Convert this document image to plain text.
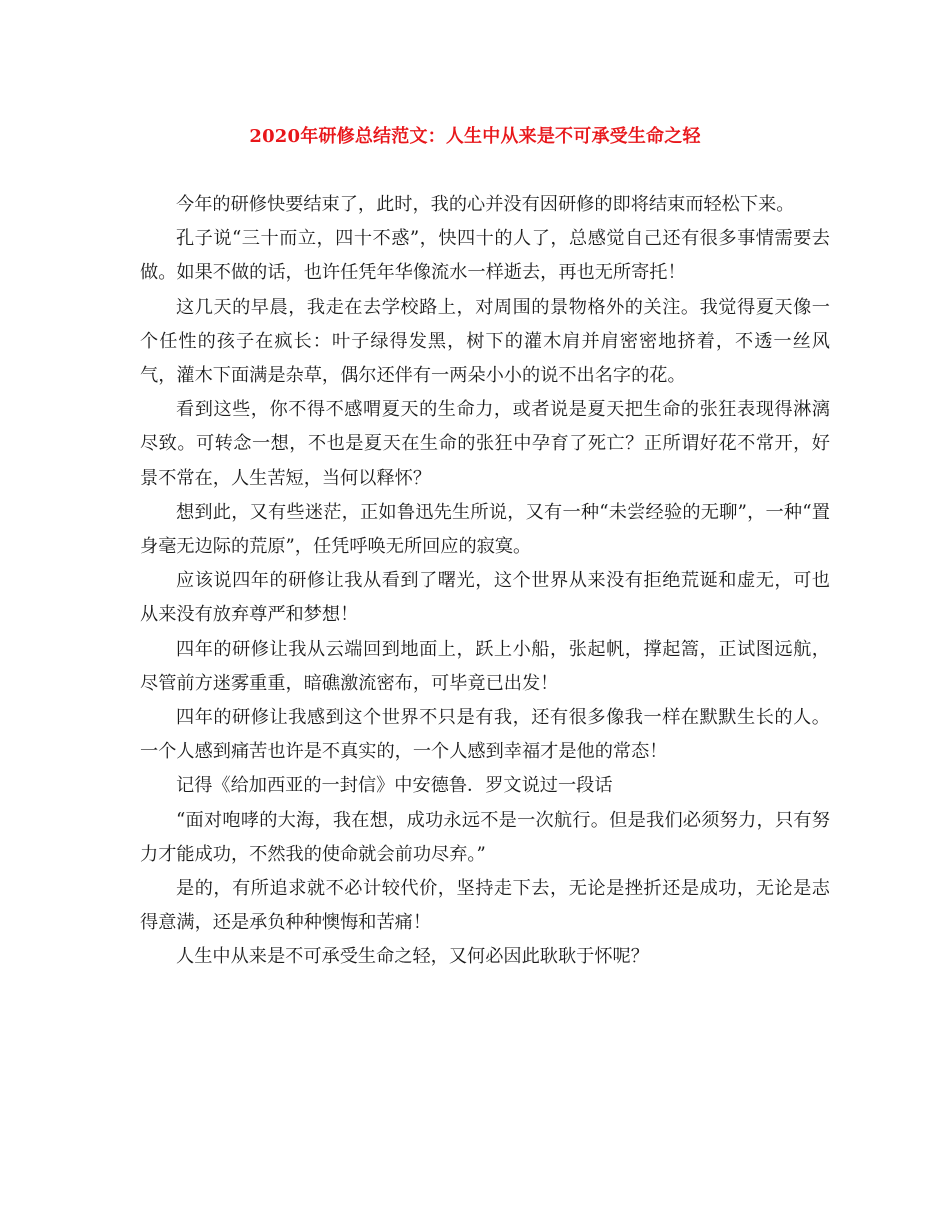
2020年研修总结范文：人生中从来是不可承受生命之轻

今年的研修快要结束了，此时，我的心并没有因研修的即将结束而轻松下来。

孔子说“三十而立，四十不惑”，快四十的人了，总感觉自己还有很多事情需要去做。如果不做的话，也许任凭年华像流水一样逝去，再也无所寄托！

这几天的早晨，我走在去学校路上，对周围的景物格外的关注。我觉得夏天像一个任性的孩子在疯长：叶子绿得发黑，树下的灌木肩并肩密密地挤着，不透一丝风气，灌木下面满是杂草，偶尔还伴有一两朵小小的说不出名字的花。

看到这些，你不得不感喟夏天的生命力，或者说是夏天把生命的张狂表现得淋漓尽致。可转念一想，不也是夏天在生命的张狂中孕育了死亡？正所谓好花不常开，好景不常在，人生苦短，当何以释怀？

想到此，又有些迷茫，正如鲁迅先生所说，又有一种“未尝经验的无聊”，一种“置身毫无边际的荒原”，任凭呼唤无所回应的寂寞。

应该说四年的研修让我从看到了曙光，这个世界从来没有拒绝荒诞和虚无，可也从来没有放弃尊严和梦想！

四年的研修让我从云端回到地面上，跃上小船，张起帆，撑起篙，正试图远航，尽管前方迷雾重重，暗礁激流密布，可毕竟已出发！

四年的研修让我感到这个世界不只是有我，还有很多像我一样在默默生长的人。一个人感到痛苦也许是不真实的，一个人感到幸福才是他的常态！

记得《给加西亚的一封信》中安德鲁．罗文说过一段话

“面对咆哮的大海，我在想，成功永远不是一次航行。但是我们必须努力，只有努力才能成功，不然我的使命就会前功尽弃。”

是的，有所追求就不必计较代价，坚持走下去，无论是挫折还是成功，无论是志得意满，还是承负种种懊悔和苦痛！

人生中从来是不可承受生命之轻，又何必因此耿耿于怀呢？
